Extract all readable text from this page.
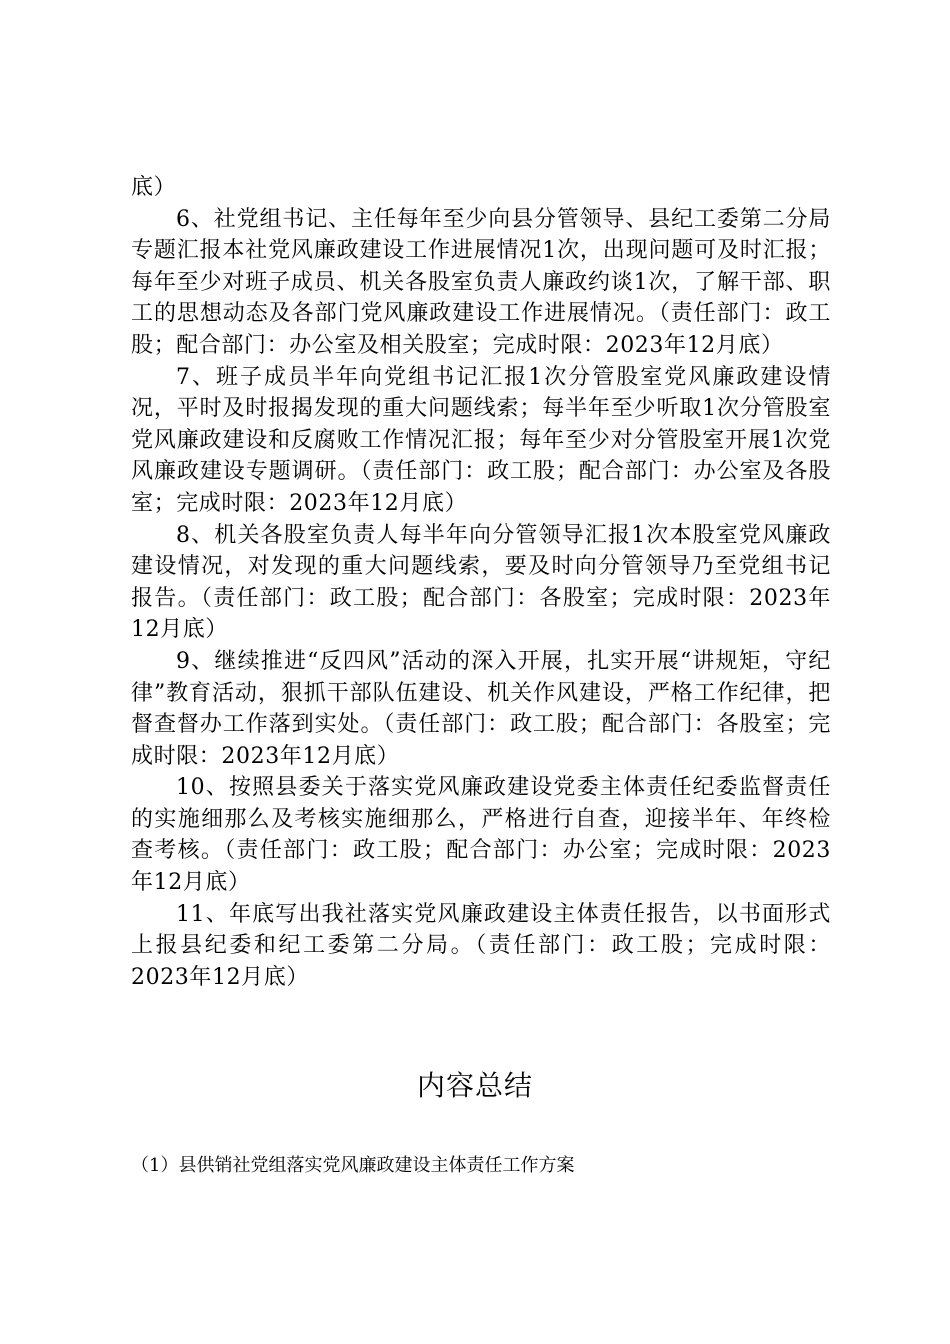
底）

6、社党组书记、主任每年至少向县分管领导、县纪工委第二分局专题汇报本社党风廉政建设工作进展情况1次，出现问题可及时汇报；每年至少对班子成员、机关各股室负责人廉政约谈1次，了解干部、职工的思想动态及各部门党风廉政建设工作进展情况。（责任部门：政工股；配合部门：办公室及相关股室；完成时限：2023年12月底）

7、班子成员半年向党组书记汇报1次分管股室党风廉政建设情况，平时及时报揭发现的重大问题线索；每半年至少听取1次分管股室党风廉政建设和反腐败工作情况汇报；每年至少对分管股室开展1次党风廉政建设专题调研。（责任部门：政工股；配合部门：办公室及各股室；完成时限：2023年12月底）

8、机关各股室负责人每半年向分管领导汇报1次本股室党风廉政建设情况，对发现的重大问题线索，要及时向分管领导乃至党组书记报告。（责任部门：政工股；配合部门：各股室；完成时限：2023年12月底）

9、继续推进“反四风”活动的深入开展，扎实开展“讲规矩，守纪律”教育活动，狠抓干部队伍建设、机关作风建设，严格工作纪律，把督查督办工作落到实处。（责任部门：政工股；配合部门：各股室；完成时限：2023年12月底）

10、按照县委关于落实党风廉政建设党委主体责任纪委监督责任的实施细那么及考核实施细那么，严格进行自查，迎接半年、年终检查考核。（责任部门：政工股；配合部门：办公室；完成时限：2023年12月底）

11、年底写出我社落实党风廉政建设主体责任报告，以书面形式上报县纪委和纪工委第二分局。（责任部门：政工股；完成时限：2023年12月底）

内容总结
（1）县供销社党组落实党风廉政建设主体责任工作方案
